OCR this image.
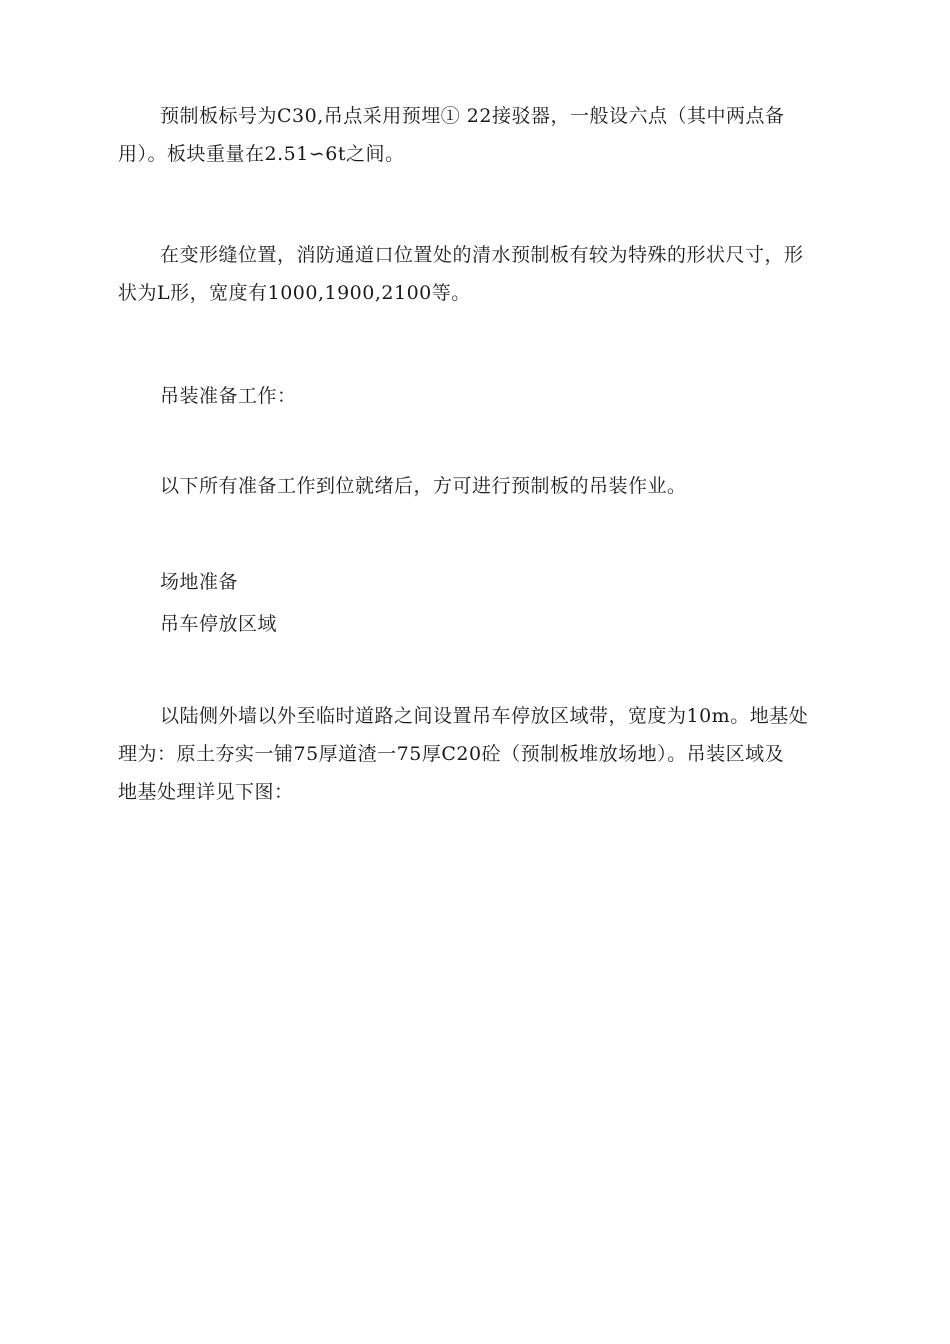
预制板标号为C30,吊点采用预埋① 22接驳器，一般设六点（其中两点备
用）。板块重量在2.51∽6t之间。

在变形缝位置，消防通道口位置处的清水预制板有较为特殊的形状尺寸，形
状为L形，宽度有1000,1900,2100等。

吊装准备工作：

以下所有准备工作到位就绪后，方可进行预制板的吊装作业。

场地准备
吊车停放区域

以陆侧外墙以外至临时道路之间设置吊车停放区域带，宽度为10m。地基处
理为：原土夯实一铺75厚道渣一75厚C20砼（预制板堆放场地）。吊装区域及
地基处理详见下图：
